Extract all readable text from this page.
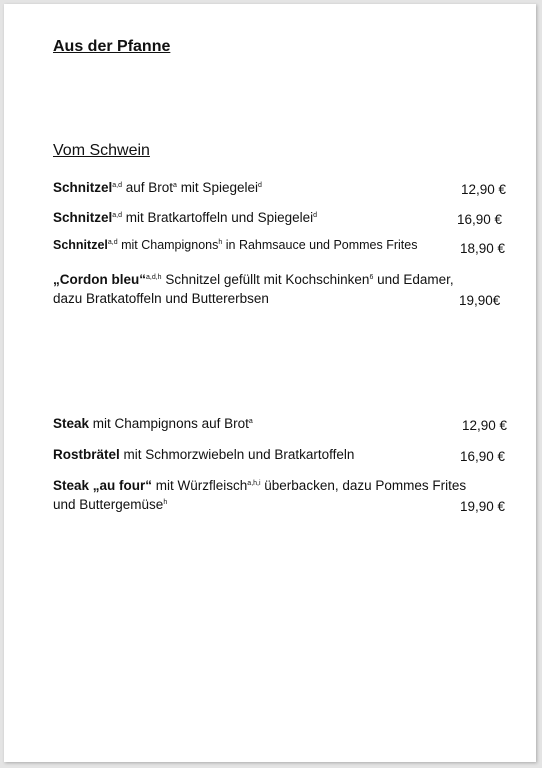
Aus der Pfanne
Vom Schwein
Schnitzel$^{a,d}$ auf Brot$^a$ mit Spiegelei$^d$	12,90 €
Schnitzel$^{a,d}$ mit Bratkartoffeln und Spiegelei$^d$	16,90 €
Schnitzel$^{a,d}$ mit Champignons$^h$ in Rahmsauce und Pommes Frites	18,90 €
„Cordon bleu“$^{a,d,h}$ Schnitzel gefüllt mit Kochschinken$^6$ und Edamer,
dazu Bratkatoffeln und Buttererbsen	19,90€
Steak mit Champignons auf Brot$^a$	12,90 €
Rostbrätel mit Schmorzwiebeln und Bratkartoffeln	16,90 €
Steak „au four“ mit Würzfleisch$^{a,h,i}$ überbacken, dazu Pommes Frites
und Buttergemüse$^h$	19,90 €
